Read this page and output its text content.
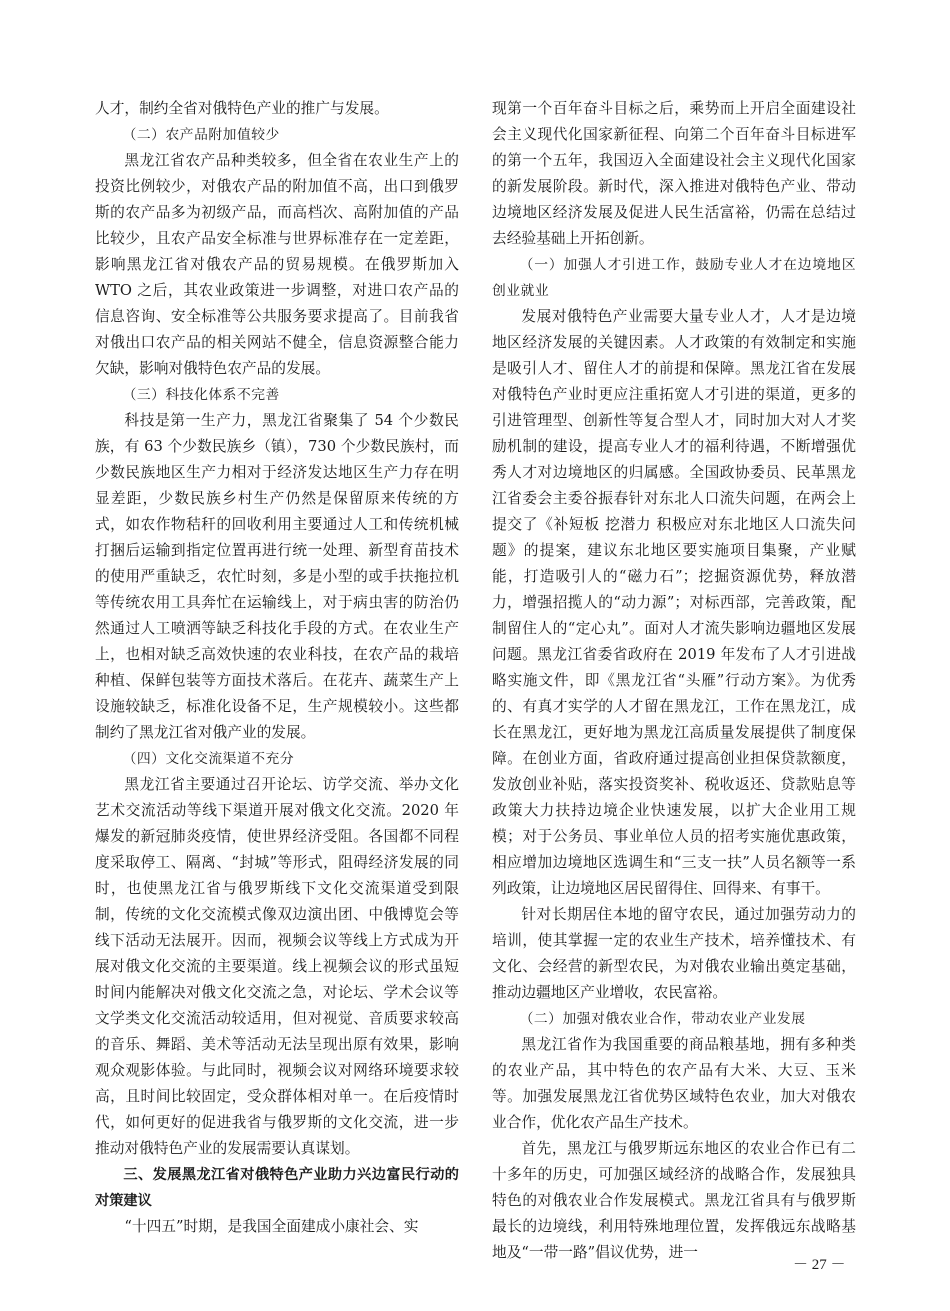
人才，制约全省对俄特色产业的推广与发展。

（二）农产品附加值较少

黑龙江省农产品种类较多，但全省在农业生产上的投资比例较少，对俄农产品的附加值不高，出口到俄罗斯的农产品多为初级产品，而高档次、高附加值的产品比较少，且农产品安全标准与世界标准存在一定差距，影响黑龙江省对俄农产品的贸易规模。在俄罗斯加入 WTO 之后，其农业政策进一步调整，对进口农产品的信息咨询、安全标准等公共服务要求提高了。目前我省对俄出口农产品的相关网站不健全，信息资源整合能力欠缺，影响对俄特色农产品的发展。

（三）科技化体系不完善

科技是第一生产力，黑龙江省聚集了 54 个少数民族，有 63 个少数民族乡（镇），730 个少数民族村，而少数民族地区生产力相对于经济发达地区生产力存在明显差距，少数民族乡村生产仍然是保留原来传统的方式，如农作物秸秆的回收利用主要通过人工和传统机械打捆后运输到指定位置再进行统一处理、新型育苗技术的使用严重缺乏，农忙时刻，多是小型的或手扶拖拉机等传统农用工具奔忙在运输线上，对于病虫害的防治仍然通过人工喷洒等缺乏科技化手段的方式。在农业生产上，也相对缺乏高效快速的农业科技，在农产品的栽培种植、保鲜包装等方面技术落后。在花卉、蔬菜生产上设施较缺乏，标准化设备不足，生产规模较小。这些都制约了黑龙江省对俄产业的发展。

（四）文化交流渠道不充分

黑龙江省主要通过召开论坛、访学交流、举办文化艺术交流活动等线下渠道开展对俄文化交流。2020 年爆发的新冠肺炎疫情，使世界经济受阻。各国都不同程度采取停工、隔离、“封城”等形式，阻碍经济发展的同时，也使黑龙江省与俄罗斯线下文化交流渠道受到限制，传统的文化交流模式像双边演出团、中俄博览会等线下活动无法展开。因而，视频会议等线上方式成为开展对俄文化交流的主要渠道。线上视频会议的形式虽短时间内能解决对俄文化交流之急，对论坛、学术会议等文学类文化交流活动较适用，但对视觉、音质要求较高的音乐、舞蹈、美术等活动无法呈现出原有效果，影响观众观影体验。与此同时，视频会议对网络环境要求较高，且时间比较固定，受众群体相对单一。在后疫情时代，如何更好的促进我省与俄罗斯的文化交流，进一步推动对俄特色产业的发展需要认真谋划。

三、发展黑龙江省对俄特色产业助力兴边富民行动的对策建议

“十四五”时期，是我国全面建成小康社会、实

现第一个百年奋斗目标之后，乘势而上开启全面建设社会主义现代化国家新征程、向第二个百年奋斗目标进军的第一个五年，我国迈入全面建设社会主义现代化国家的新发展阶段。新时代，深入推进对俄特色产业、带动边境地区经济发展及促进人民生活富裕，仍需在总结过去经验基础上开拓创新。

（一）加强人才引进工作，鼓励专业人才在边境地区创业就业

发展对俄特色产业需要大量专业人才，人才是边境地区经济发展的关键因素。人才政策的有效制定和实施是吸引人才、留住人才的前提和保障。黑龙江省在发展对俄特色产业时更应注重拓宽人才引进的渠道，更多的引进管理型、创新性等复合型人才，同时加大对人才奖励机制的建设，提高专业人才的福利待遇，不断增强优秀人才对边境地区的归属感。全国政协委员、民革黑龙江省委会主委谷振春针对东北人口流失问题，在两会上提交了《补短板 挖潜力 积极应对东北地区人口流失问题》的提案，建议东北地区要实施项目集聚，产业赋能，打造吸引人的“磁力石”；挖掘资源优势，释放潜力，增强招揽人的“动力源”；对标西部，完善政策，配制留住人的“定心丸”。面对人才流失影响边疆地区发展问题。黑龙江省委省政府在 2019 年发布了人才引进战略实施文件，即《黑龙江省“头雁”行动方案》。为优秀的、有真才实学的人才留在黑龙江，工作在黑龙江，成长在黑龙江，更好地为黑龙江高质量发展提供了制度保障。在创业方面，省政府通过提高创业担保贷款额度，发放创业补贴，落实投资奖补、税收返还、贷款贴息等政策大力扶持边境企业快速发展，以扩大企业用工规模；对于公务员、事业单位人员的招考实施优惠政策，相应增加边境地区选调生和“三支一扶”人员名额等一系列政策，让边境地区居民留得住、回得来、有事干。

针对长期居住本地的留守农民，通过加强劳动力的培训，使其掌握一定的农业生产技术，培养懂技术、有文化、会经营的新型农民，为对俄农业输出奠定基础，推动边疆地区产业增收，农民富裕。

（二）加强对俄农业合作，带动农业产业发展

黑龙江省作为我国重要的商品粮基地，拥有多种类的农业产品，其中特色的农产品有大米、大豆、玉米等。加强发展黑龙江省优势区域特色农业，加大对俄农业合作，优化农产品生产技术。

首先，黑龙江与俄罗斯远东地区的农业合作已有二十多年的历史，可加强区域经济的战略合作，发展独具特色的对俄农业合作发展模式。黑龙江省具有与俄罗斯最长的边境线，利用特殊地理位置，发挥俄远东战略基地及“一带一路”倡议优势，进一

－ 27 －
